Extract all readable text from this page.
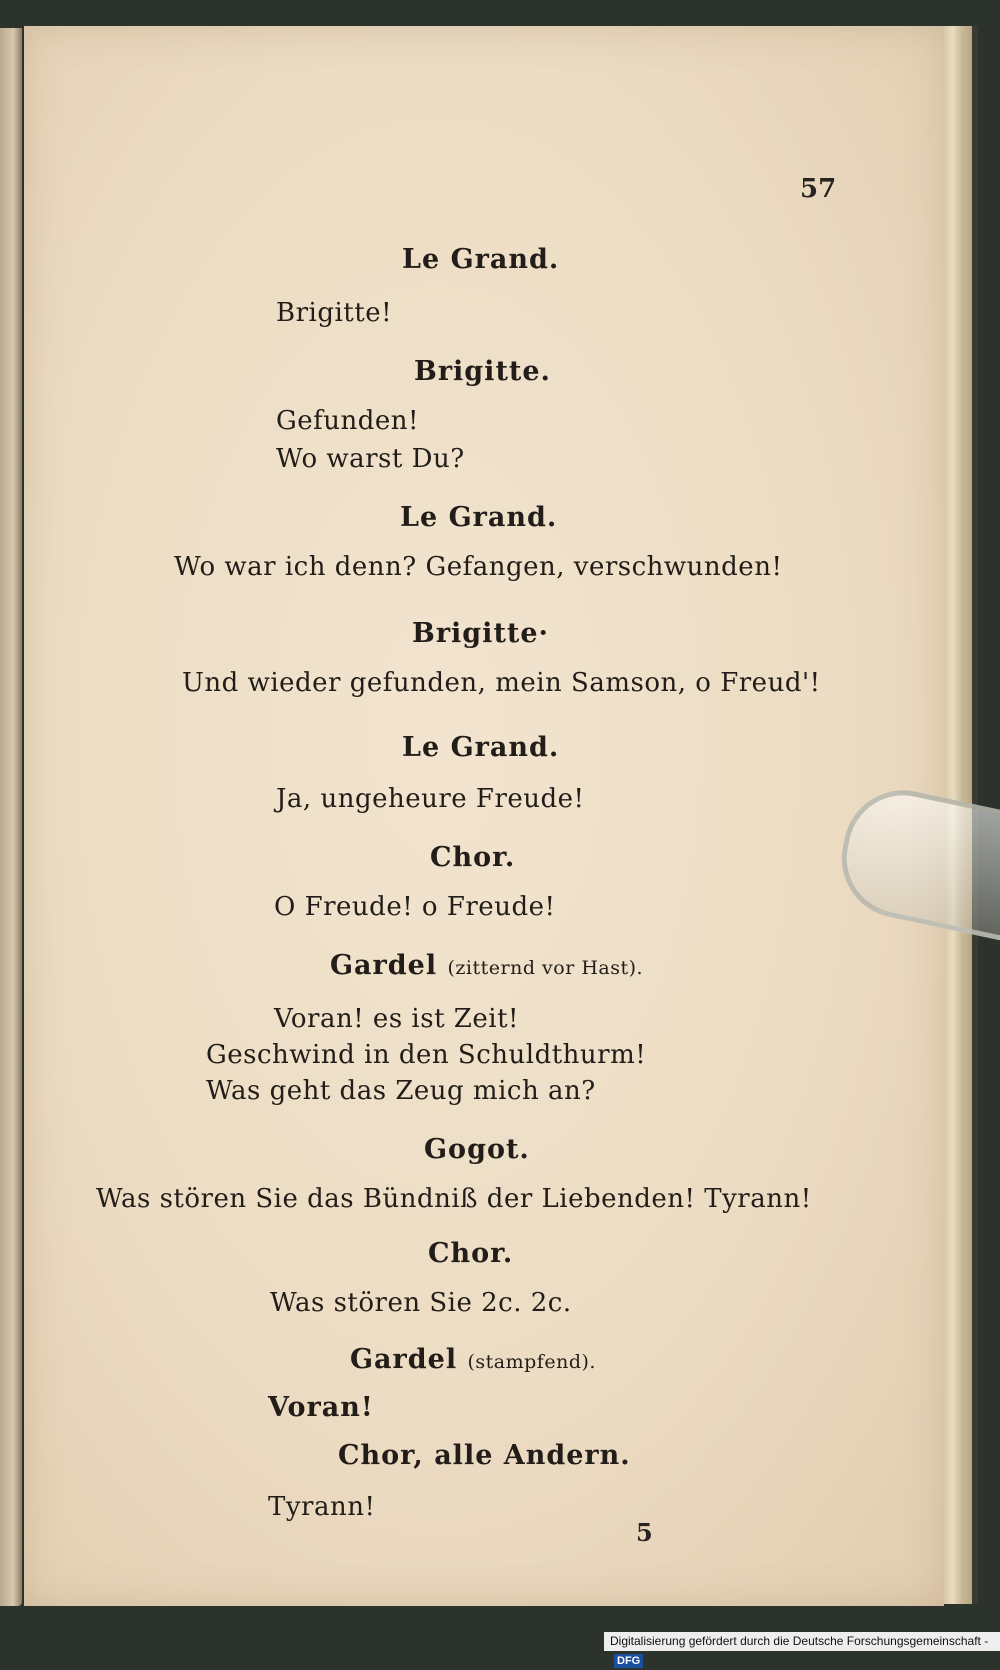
57
Le Grand.
Brigitte!
Brigitte.
Gefunden!
Wo warst Du?
Le Grand.
Wo war ich denn? Gefangen, verschwunden!
Brigitte·
Und wieder gefunden, mein Samson, o Freud'!
Le Grand.
Ja, ungeheure Freude!
Chor.
O Freude! o Freude!
Gardel (zitternd vor Hast).
Voran! es ist Zeit!
Geschwind in den Schuldthurm!
Was geht das Zeug mich an?
Gogot.
Was stören Sie das Bündniß der Liebenden! Tyrann!
Chor.
Was stören Sie 2c. 2c.
Gardel (stampfend).
Voran!
Chor, alle Andern.
Tyrann!
5
Digitalisierung gefördert durch die Deutsche Forschungsgemeinschaft - DFG
